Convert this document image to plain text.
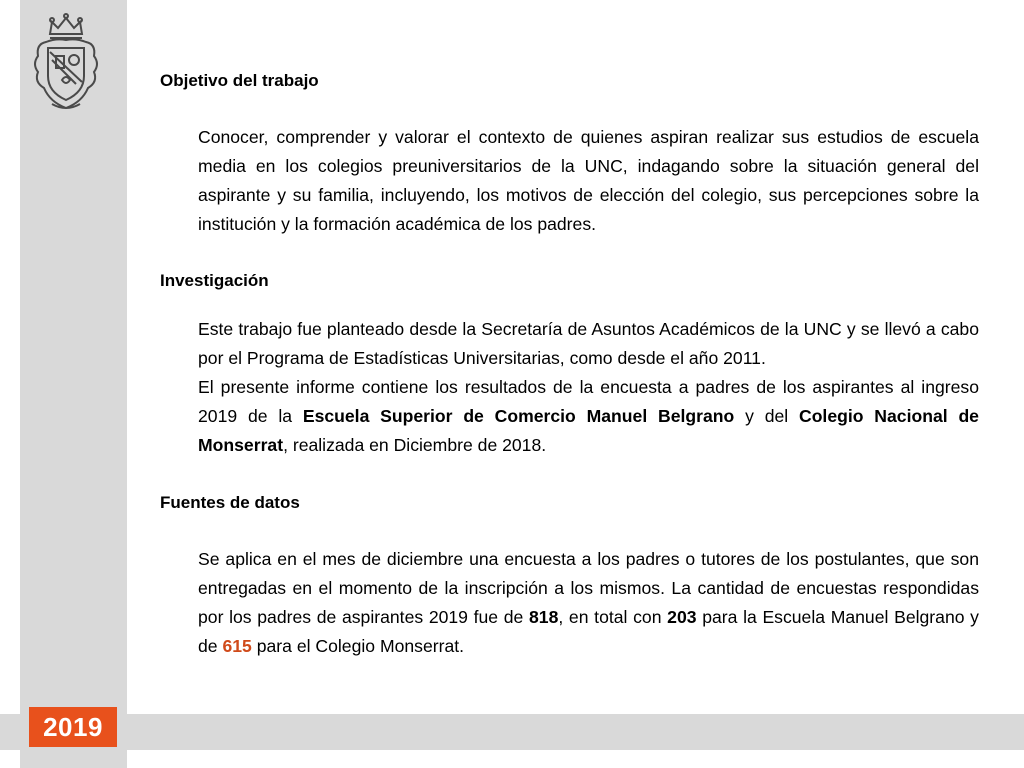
2019
Objetivo del trabajo

Conocer, comprender y valorar el contexto de quienes aspiran realizar sus estudios de escuela media en los colegios preuniversitarios de la UNC, indagando sobre la situación general del aspirante y su familia, incluyendo, los motivos de elección del colegio, sus percepciones sobre la institución y la formación académica de los padres.

Investigación

Este trabajo fue planteado desde la Secretaría de Asuntos Académicos de la UNC y se llevó a cabo por el Programa de Estadísticas Universitarias, como desde el año 2011.
El presente informe contiene los resultados de la encuesta a padres de los aspirantes al ingreso 2019 de la Escuela Superior de Comercio Manuel Belgrano y del Colegio Nacional de Monserrat, realizada en Diciembre de 2018.

Fuentes de datos

Se aplica en el mes de diciembre una encuesta a los padres o tutores de los postulantes, que son entregadas en el momento de la inscripción a los mismos. La cantidad de encuestas respondidas por los padres de aspirantes 2019 fue de 818, en total con 203 para la Escuela Manuel Belgrano y de 615 para el Colegio Monserrat.
